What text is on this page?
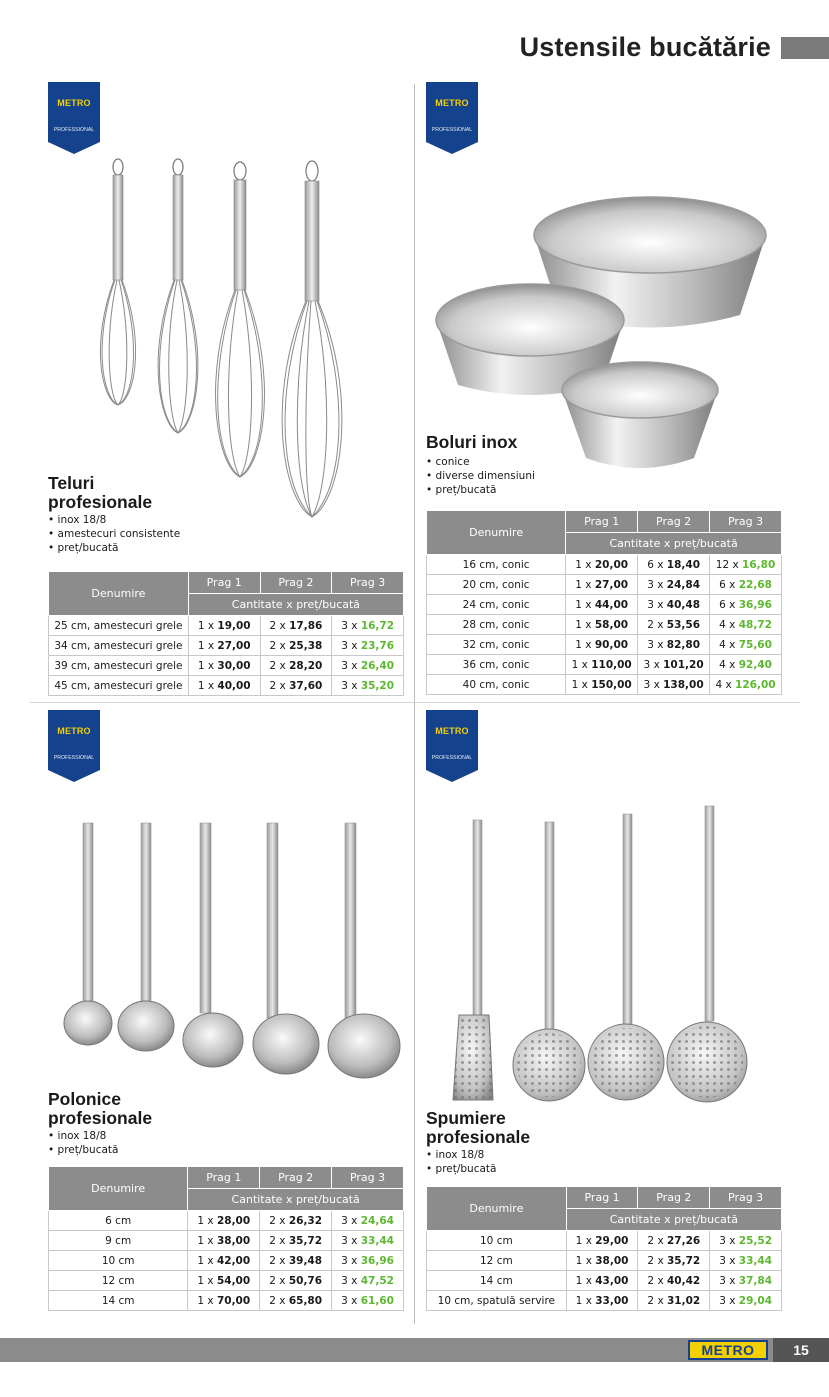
Ustensile bucătărie
METRO
PROFESSIONAL
METRO
PROFESSIONAL
METRO
PROFESSIONAL
METRO
PROFESSIONAL
Teluri profesionale
• inox 18/8
• amestecuri consistente
• preț/bucată
Denumire	Prag 1	Prag 2	Prag 3
	Cantitate x preț/bucată		
25 cm, amestecuri grele	1 x 19,00	2 x 17,86	3 x 16,72
34 cm, amestecuri grele	1 x 27,00	2 x 25,38	3 x 23,76
39 cm, amestecuri grele	1 x 30,00	2 x 28,20	3 x 26,40
45 cm, amestecuri grele	1 x 40,00	2 x 37,60	3 x 35,20
Boluri inox
• conice
• diverse dimensiuni
• preț/bucată
Denumire	Prag 1	Prag 2	Prag 3
	Cantitate x preț/bucată		
16 cm, conic	1 x 20,00	6 x 18,40	12 x 16,80
20 cm, conic	1 x 27,00	3 x 24,84	6 x 22,68
24 cm, conic	1 x 44,00	3 x 40,48	6 x 36,96
28 cm, conic	1 x 58,00	2 x 53,56	4 x 48,72
32 cm, conic	1 x 90,00	3 x 82,80	4 x 75,60
36 cm, conic	1 x 110,00	3 x 101,20	4 x 92,40
40 cm, conic	1 x 150,00	3 x 138,00	4 x 126,00
Polonice profesionale
• inox 18/8
• preț/bucată
Denumire	Prag 1	Prag 2	Prag 3
	Cantitate x preț/bucată		
6 cm	1 x 28,00	2 x 26,32	3 x 24,64
9 cm	1 x 38,00	2 x 35,72	3 x 33,44
10 cm	1 x 42,00	2 x 39,48	3 x 36,96
12 cm	1 x 54,00	2 x 50,76	3 x 47,52
14 cm	1 x 70,00	2 x 65,80	3 x 61,60
Spumiere profesionale
• inox 18/8
• preț/bucată
Denumire	Prag 1	Prag 2	Prag 3
	Cantitate x preț/bucată		
10 cm	1 x 29,00	2 x 27,26	3 x 25,52
12 cm	1 x 38,00	2 x 35,72	3 x 33,44
14 cm	1 x 43,00	2 x 40,42	3 x 37,84
10 cm, spatulă servire	1 x 33,00	2 x 31,02	3 x 29,04
METRO	15
